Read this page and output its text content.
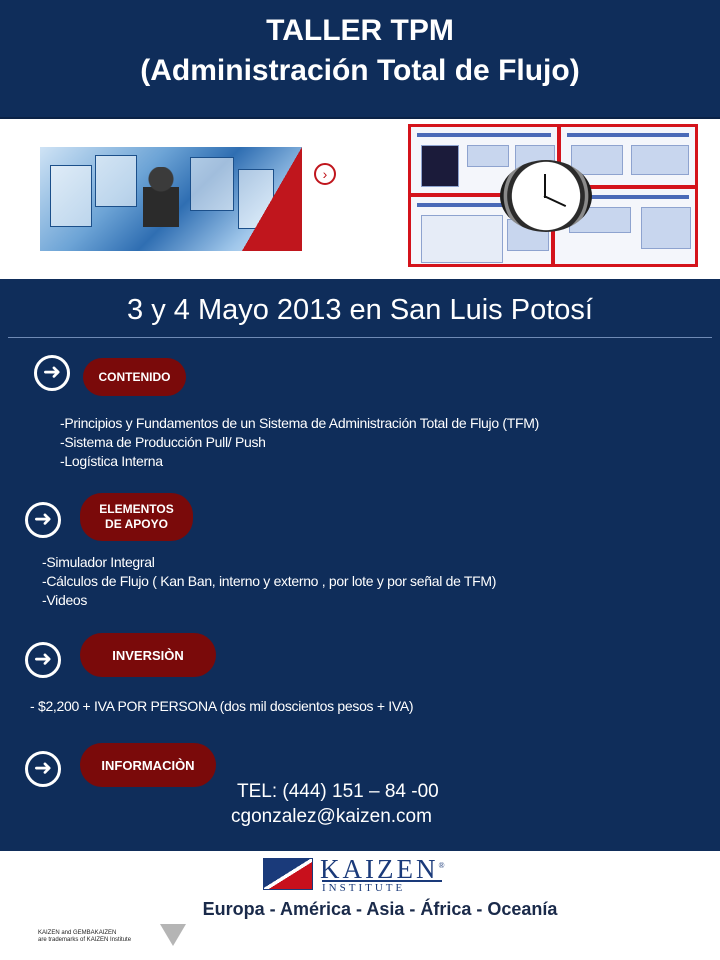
TALLER TPM
(Administración Total de Flujo)
›
3 y 4 Mayo 2013 en San Luis Potosí
➜	CONTENIDO
-Principios y Fundamentos de un Sistema de Administración Total de Flujo (TFM)
-Sistema de Producción Pull/ Push
-Logística Interna
➜	ELEMENTOS
DE APOYO
-Simulador Integral
-Cálculos de Flujo ( Kan Ban, interno y externo , por lote y por señal de TFM)
-Videos
➜	INVERSIÒN
- $2,200 + IVA POR PERSONA (dos mil doscientos pesos + IVA)
➜	INFORMACIÒN
TEL: (444) 151 – 84 -00
cgonzalez@kaizen.com
KAIZEN®
INSTITUTE
Europa - América - Asia - África - Oceanía
KAIZEN and GEMBAKAIZEN
are trademarks of KAIZEN Institute
